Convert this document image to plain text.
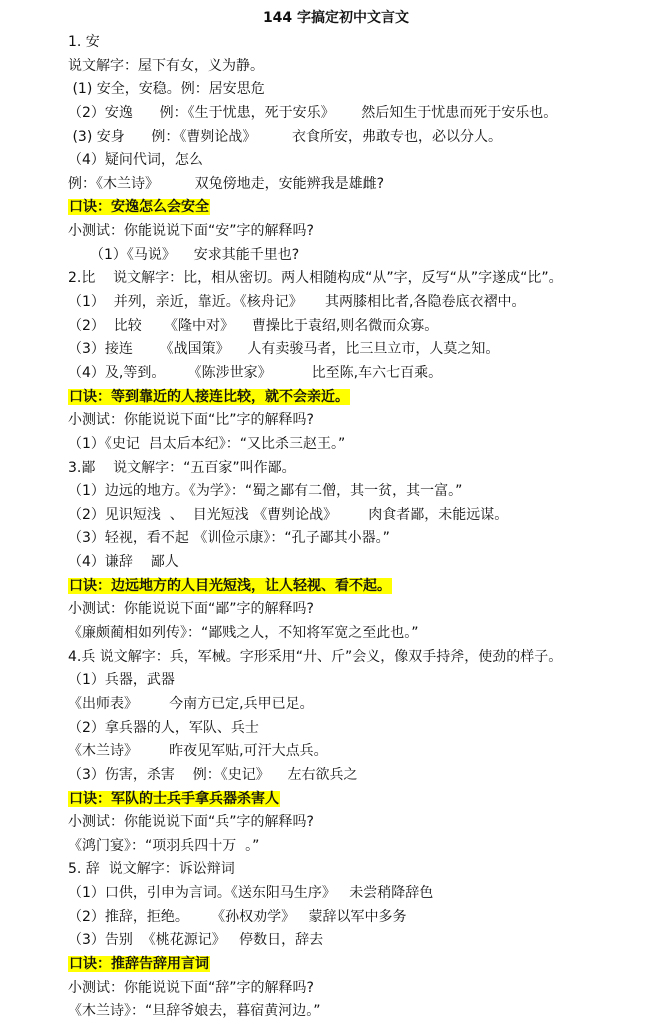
144 字搞定初中文言文
1. 安
说文解字：屋下有女，义为静。
(1) 安全，安稳。例：居安思危
（2）安逸      例：《生于忧患，死于安乐》      然后知生于忧患而死于安乐也。
(3) 安身      例：《曹刿论战》        衣食所安，弗敢专也，必以分人。
（4）疑问代词，怎么
例：《木兰诗》        双兔傍地走，安能辨我是雄雌?
口诀：安逸怎么会安全
小测试：你能说说下面“安”字的解释吗?
（1）《马说》    安求其能千里也?
2.比    说文解字：比，相从密切。两人相随构成“从”字，反写“从”字遂成“比”。
（1）  并列，亲近，靠近。《核舟记》     其两膝相比者,各隐卷底衣褶中。
（2）  比较     《隆中对》    曹操比于袁绍,则名微而众寡。
（3）接连      《战国策》    人有卖骏马者，比三旦立市，人莫之知。
（4）及,等到。     《陈涉世家》         比至陈,车六七百乘。
口诀：等到靠近的人接连比较，就不会亲近。
小测试：你能说说下面“比”字的解释吗?
（1）《史记  吕太后本纪》：“又比杀三赵王。”
3.鄙    说文解字：“五百家”叫作鄙。
（1）边远的地方。《为学》：“蜀之鄙有二僧，其一贫，其一富。”
（2）见识短浅  、  目光短浅 《曹刿论战》       肉食者鄙，未能远谋。
（3）轻视，看不起 《训俭示康》：“孔子鄙其小器。”
（4）谦辞    鄙人
口诀：边远地方的人目光短浅，让人轻视、看不起。
小测试：你能说说下面“鄙”字的解释吗?
《廉颇蔺相如列传》：“鄙贱之人，不知将军宽之至此也。”
4.兵 说文解字：兵，军械。字形采用“廾、斤”会义，像双手持斧，使劲的样子。
（1）兵器，武器
《出师表》       今南方已定,兵甲已足。
（2）拿兵器的人，军队、兵士
《木兰诗》       昨夜见军贴,可汗大点兵。
（3）伤害，杀害    例：《史记》    左右欲兵之
口诀：军队的士兵手拿兵器杀害人
小测试：你能说说下面“兵”字的解释吗?
《鸿门宴》：“项羽兵四十万  。”
5. 辞  说文解字：诉讼辩词
（1）口供，引申为言词。《送东阳马生序》   未尝稍降辞色
（2）推辞，拒绝。     《孙权劝学》   蒙辞以军中多务
（3）告别  《桃花源记》   停数日，辞去
口诀：推辞告辞用言词
小测试：你能说说下面“辞”字的解释吗?
《木兰诗》：“旦辞爷娘去，暮宿黄河边。”
